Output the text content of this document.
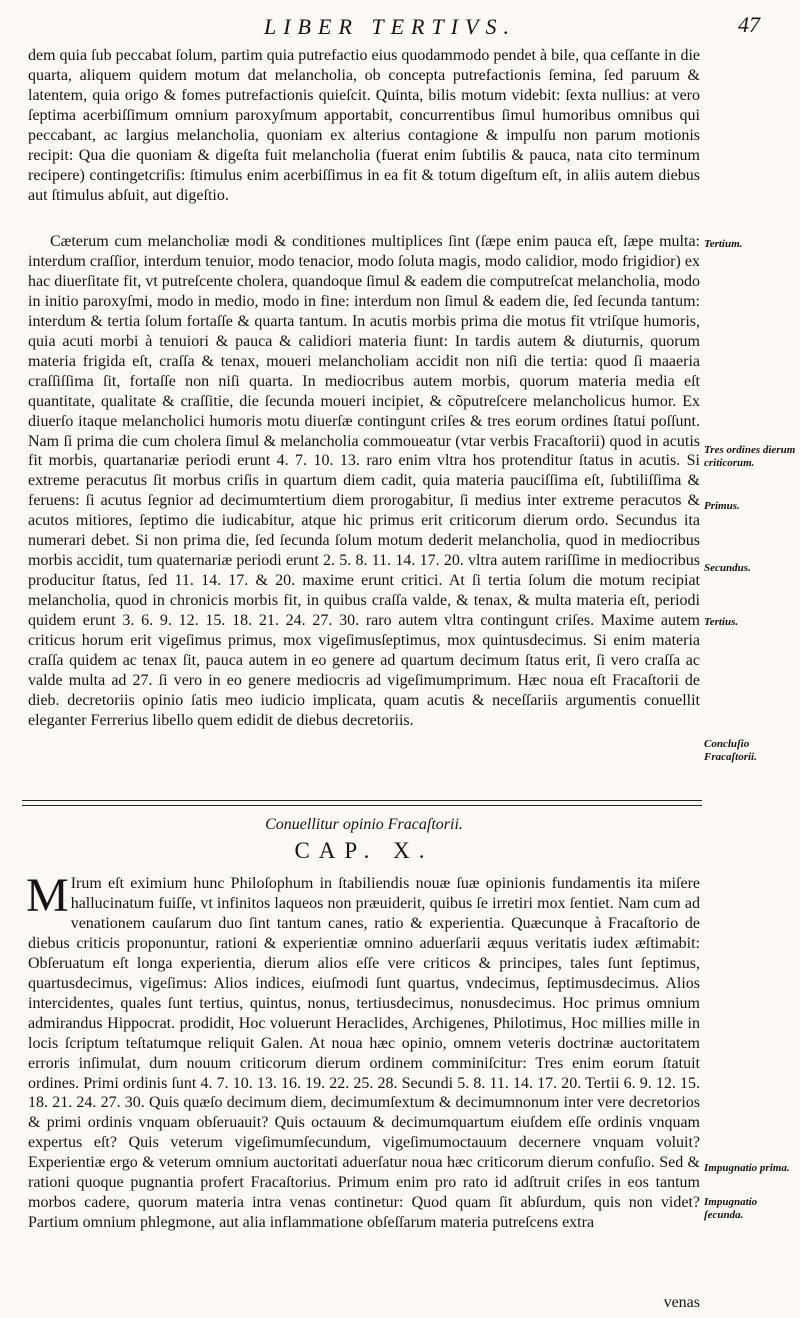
LIBER TERTIVS.	47

dem quia ſub peccabat ſolum, partim quia putrefactio eius quodammodo pendet à bile, qua ceſſante in die quarta, aliquem quidem motum dat melancholia, ob concepta putrefactionis ſemina, ſed paruum & latentem, quia origo & fomes putrefactionis quieſcit. Quinta, bilis motum videbit: ſexta nullius: at vero ſeptima acerbiſſimum omnium paroxyſmum apportabit, concurrentibus ſimul humoribus omnibus qui peccabant, ac largius melancholia, quoniam ex alterius contagione & impulſu non parum motionis recipit: Qua die quoniam & digeſta fuit melancholia (fuerat enim ſubtilis & pauca, nata cito terminum recipere) contingetcriſis: ſtimulus enim acerbiſſimus in ea fit & totum digeſtum eſt, in aliis autem diebus aut ſtimulus abſuit, aut digeſtio.

Cæterum cum melancholiæ modi & conditiones multiplices ſint (ſæpe enim pauca eſt, ſæpe multa: interdum craſſior, interdum tenuior, modo tenacior, modo ſoluta magis, modo calidior, modo frigidior) ex hac diuerſitate fit, vt putreſcente cholera, quandoque ſimul & eadem die computreſcat melancholia, modo in initio paroxyſmi, modo in medio, modo in fine: interdum non ſimul & eadem die, ſed ſecunda tantum: interdum & tertia ſolum fortaſſe & quarta tantum. In acutis morbis prima die motus fit vtriſque humoris, quia acuti morbi à tenuiori & pauca & calidiori materia fiunt: In tardis autem & diuturnis, quorum materia frigida eſt, craſſa & tenax, moueri melancholiam accidit non niſi die tertia: quod ſi maaeria craſſiſſima ſit, fortaſſe non niſi quarta. In mediocribus autem morbis, quorum materia media eſt quantitate, qualitate & craſſitie, die ſecunda moueri incipiet, & cõputreſcere melancholicus humor. Ex diuerſo itaque melancholici humoris motu diuerſæ contingunt criſes & tres eorum ordines ſtatui poſſunt. Nam ſi prima die cum cholera ſimul & melancholia commoueatur (vtar verbis Fracaſtorii) quod in acutis fit morbis, quartanariæ periodi erunt 4. 7. 10. 13. raro enim vltra hos protenditur ſtatus in acutis. Si extreme peracutus ſit morbus criſis in quartum diem cadit, quia materia pauciſſima eſt, ſubtiliſſima & feruens: ſi acutus ſegnior ad decimumtertium diem prorogabitur, ſi medius inter extreme peracutos & acutos mitiores, ſeptimo die iudicabitur, atque hic primus erit criticorum dierum ordo. Secundus ita numerari debet. Si non prima die, ſed ſecunda ſolum motum dederit melancholia, quod in mediocribus morbis accidit, tum quaternariæ periodi erunt 2. 5. 8. 11. 14. 17. 20. vltra autem rariſſime in mediocribus producitur ſtatus, ſed 11. 14. 17. & 20. maxime erunt critici. At ſi tertia ſolum die motum recipiat melancholia, quod in chronicis morbis fit, in quibus craſſa valde, & tenax, & multa materia eſt, periodi quidem erunt 3. 6. 9. 12. 15. 18. 21. 24. 27. 30. raro autem vltra contingunt criſes. Maxime autem criticus horum erit vigeſimus primus, mox vigeſimusſeptimus, mox quintusdecimus. Si enim materia craſſa quidem ac tenax ſit, pauca autem in eo genere ad quartum decimum ſtatus erit, ſi vero craſſa ac valde multa ad 27. ſi vero in eo genere mediocris ad vigeſimumprimum. Hæc noua eſt Fracaſtorii de dieb. decretoriis opinio ſatis meo iudicio implicata, quam acutis & neceſſariis argumentis conuellit eleganter Ferrerius libello quem edidit de diebus decretoriis.

Conuellitur opinio Fracaſtorii.
CAP. X.

M Irum eſt eximium hunc Philoſophum in ſtabiliendis nouæ ſuæ opinionis fundamentis ita miſere hallucinatum fuiſſe, vt infinitos laqueos non præuiderit, quibus ſe irretiri mox ſentiet. Nam cum ad venationem cauſarum duo ſint tantum canes, ratio & experientia. Quæcunque à Fracaſtorio de diebus criticis proponuntur, rationi & experientiæ omnino aduerſarii æquus veritatis iudex æſtimabit: Obſeruatum eſt longa experientia, dierum alios eſſe vere criticos & principes, tales ſunt ſeptimus, quartusdecimus, vigeſimus: Alios indices, eiuſmodi ſunt quartus, vndecimus, ſeptimusdecimus. Alios intercidentes, quales ſunt tertius, quintus, nonus, tertiusdecimus, nonusdecimus. Hoc primus omnium admirandus Hippocrat. prodidit, Hoc voluerunt Heraclides, Archigenes, Philotimus, Hoc millies mille in locis ſcriptum teſtatumque reliquit Galen. At noua hæc opinio, omnem veteris doctrinæ auctoritatem erroris inſimulat, dum nouum criticorum dierum ordinem comminiſcitur: Tres enim eorum ſtatuit ordines. Primi ordinis ſunt 4. 7. 10. 13. 16. 19. 22. 25. 28. Secundi 5. 8. 11. 14. 17. 20. Tertii 6. 9. 12. 15. 18. 21. 24. 27. 30. Quis quæſo decimum diem, decimumſextum & decimumnonum inter vere decretorios & primi ordinis vnquam obſeruauit? Quis octauum & decimumquartum eiuſdem eſſe ordinis vnquam expertus eſt? Quis veterum vigeſimumſecundum, vigeſimumoctauum decernere vnquam voluit? Experientiæ ergo & veterum omnium auctoritati aduerſatur noua hæc criticorum dierum confuſio. Sed & rationi quoque pugnantia profert Fracaſtorius. Primum enim pro rato id adſtruit criſes in eos tantum morbos cadere, quorum materia intra venas continetur: Quod quam ſit abſurdum, quis non videt? Partium omnium phlegmone, aut alia inflammatione obſeſſarum materia putreſcens extra

venas
Tertium.
Tres ordines dierum criticorum.
Primus.
Secundus.
Tertius.
Concluſio Fracaſtorii.
Impugnatio prima.
Impugnatio ſecunda.
